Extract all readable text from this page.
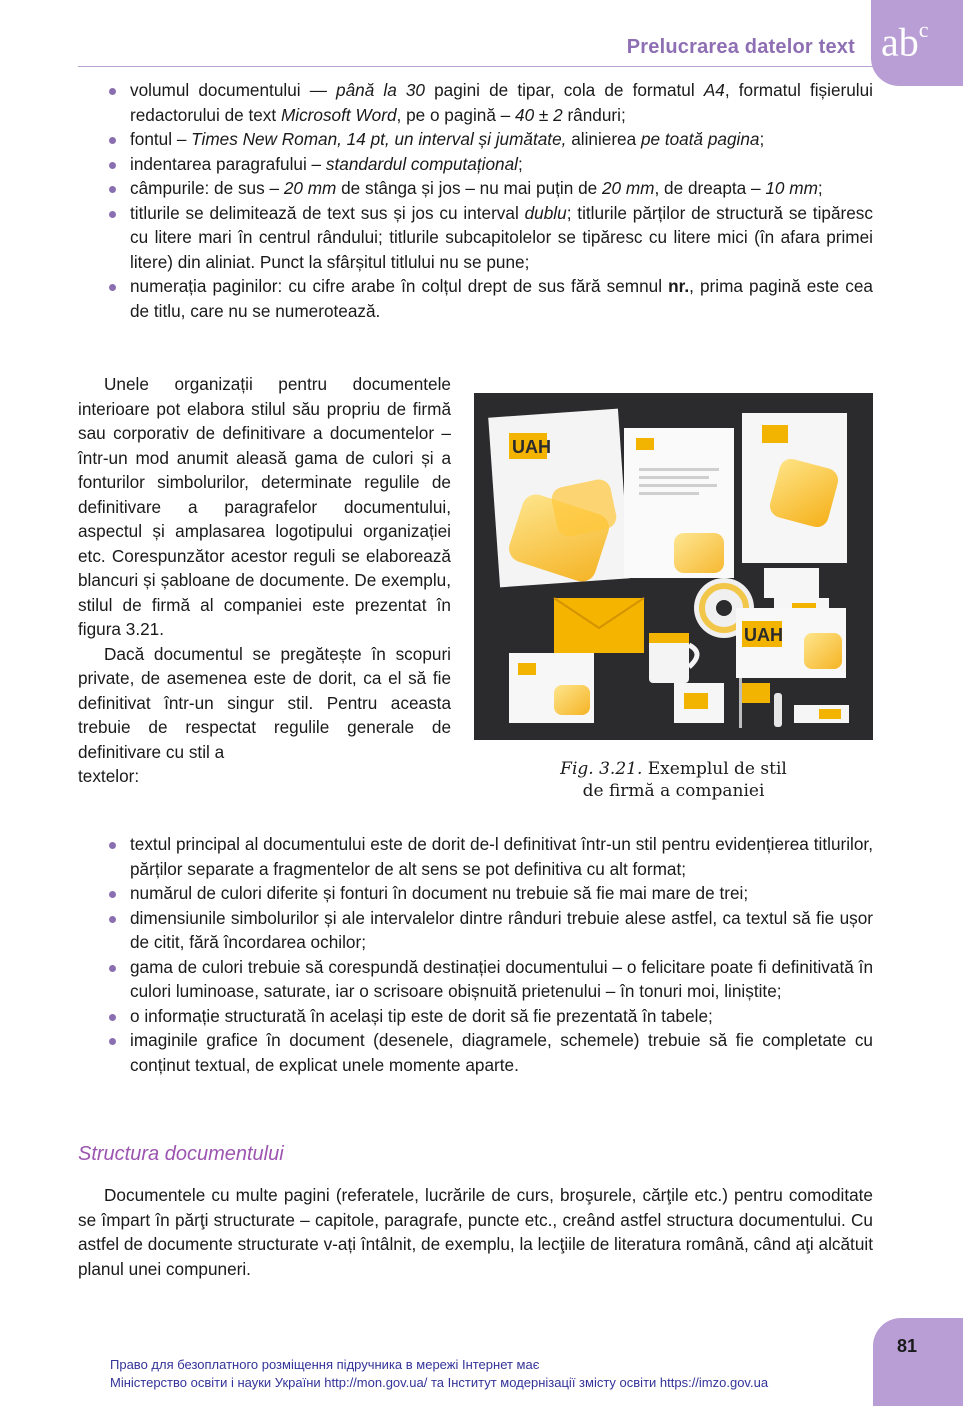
Prelucrarea datelor text $ab^c$
volumul documentului — până la 30 pagini de tipar, cola de formatul A4, formatul fișierului redactorului de text Microsoft Word, pe o pagină – 40 ± 2 rânduri;
fontul – Times New Roman, 14 pt, un interval și jumătate, alinierea pe toată pagina;
indentarea paragrafului – standardul computațional;
câmpurile: de sus – 20 mm de stânga și jos – nu mai puțin de 20 mm, de dreapta – 10 mm;
titlurile se delimitează de text sus și jos cu interval dublu; titlurile părților de structură se tipăresc cu litere mari în centrul rândului; titlurile subcapitolelor se tipăresc cu litere mici (în afara primei litere) din aliniat. Punct la sfârșitul titlului nu se pune;
numerația paginilor: cu cifre arabe în colțul drept de sus fără semnul nr., prima pagină este cea de titlu, care nu se numerotează.

Unele organizații pentru documentele interioare pot elabora stilul său propriu de firmă sau corporativ de definitivare a documentelor – într-un mod anumit aleasă gama de culori și a fonturilor simbolurilor, determinate regulile de definitivare a paragrafelor documentului, aspectul și amplasarea logotipului organizației etc. Corespunzător acestor reguli se elaborează blancuri și șabloane de documente. De exemplu, stilul de firmă al companiei este prezentat în figura 3.21.

Dacă documentul se pregătește în scopuri private, de asemenea este de dorit, ca el să fie definitivat într-un singur stil. Pentru aceasta trebuie de respectat regulile generale de definitivare cu stil a

textelor:

UAH
UAH
Fig. 3.21. Exemplul de stil
de firmă a companiei
textul principal al documentului este de dorit de-l definitivat într-un stil pentru evidențierea titlurilor, părților separate a fragmentelor de alt sens se pot definitiva cu alt format;
numărul de culori diferite și fonturi în document nu trebuie să fie mai mare de trei;
dimensiunile simbolurilor și ale intervalelor dintre rânduri trebuie alese astfel, ca textul să fie ușor de citit, fără încordarea ochilor;
gama de culori trebuie să corespundă destinației documentului – o felicitare poate fi definitivată în culori luminoase, saturate, iar o scrisoare obișnuită prietenului – în tonuri moi, liniștite;
o informație structurată în același tip este de dorit să fie prezentată în tabele;
imaginile grafice în document (desenele, diagramele, schemele) trebuie să fie completate cu conținut textual, de explicat unele momente aparte.
Structura documentului

Documentele cu multe pagini (referatele, lucrările de curs, broşurele, cărţile etc.) pentru comoditate se împart în părţi structurate – capitole, paragrafe, puncte etc., creând astfel structura documentului. Cu astfel de documente structurate v-ați întâlnit, de exemplu, la lecţiile de literatura română, când aţi alcătuit planul unei compuneri.

81
Право для безоплатного розміщення підручника в мережі Інтернет має
Міністерство освіти і науки України http://mon.gov.ua/ та Інститут модернізації змісту освіти https://imzo.gov.ua
